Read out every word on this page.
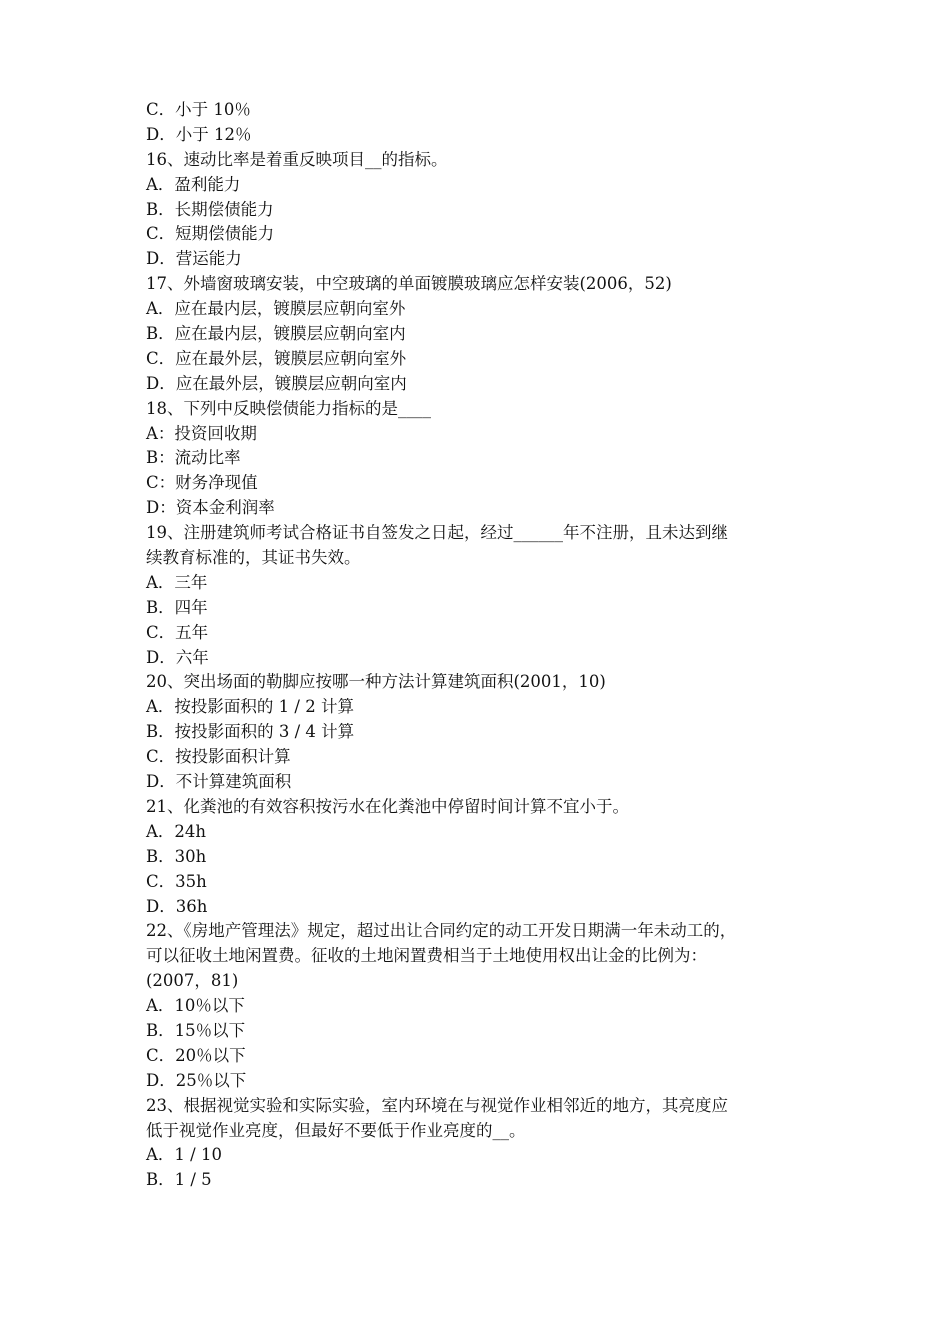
C．小于 10％
D．小于 12％
16、速动比率是着重反映项目__的指标。
A．盈利能力
B．长期偿债能力
C．短期偿债能力
D．营运能力
17、外墙窗玻璃安装，中空玻璃的单面镀膜玻璃应怎样安装(2006，52)
A．应在最内层，镀膜层应朝向室外
B．应在最内层，镀膜层应朝向室内
C．应在最外层，镀膜层应朝向室外
D．应在最外层，镀膜层应朝向室内
18、下列中反映偿债能力指标的是____
A：投资回收期
B：流动比率
C：财务净现值
D：资本金利润率
19、注册建筑师考试合格证书自签发之日起，经过______年不注册，且未达到继
续教育标准的，其证书失效。
A．三年
B．四年
C．五年
D．六年
20、突出场面的勒脚应按哪一种方法计算建筑面积(2001，10)
A．按投影面积的 1 / 2 计算
B．按投影面积的 3 / 4 计算
C．按投影面积计算
D．不计算建筑面积
21、化粪池的有效容积按污水在化粪池中停留时间计算不宜小于。
A．24h
B．30h
C．35h
D．36h
22、《房地产管理法》规定，超过出让合同约定的动工开发日期满一年未动工的，
可以征收土地闲置费。征收的土地闲置费相当于土地使用权出让金的比例为：
(2007，81)
A．10％以下
B．15％以下
C．20％以下
D．25％以下
23、根据视觉实验和实际实验，室内环境在与视觉作业相邻近的地方，其亮度应
低于视觉作业亮度，但最好不要低于作业亮度的__。
A．1 / 10
B．1 / 5
